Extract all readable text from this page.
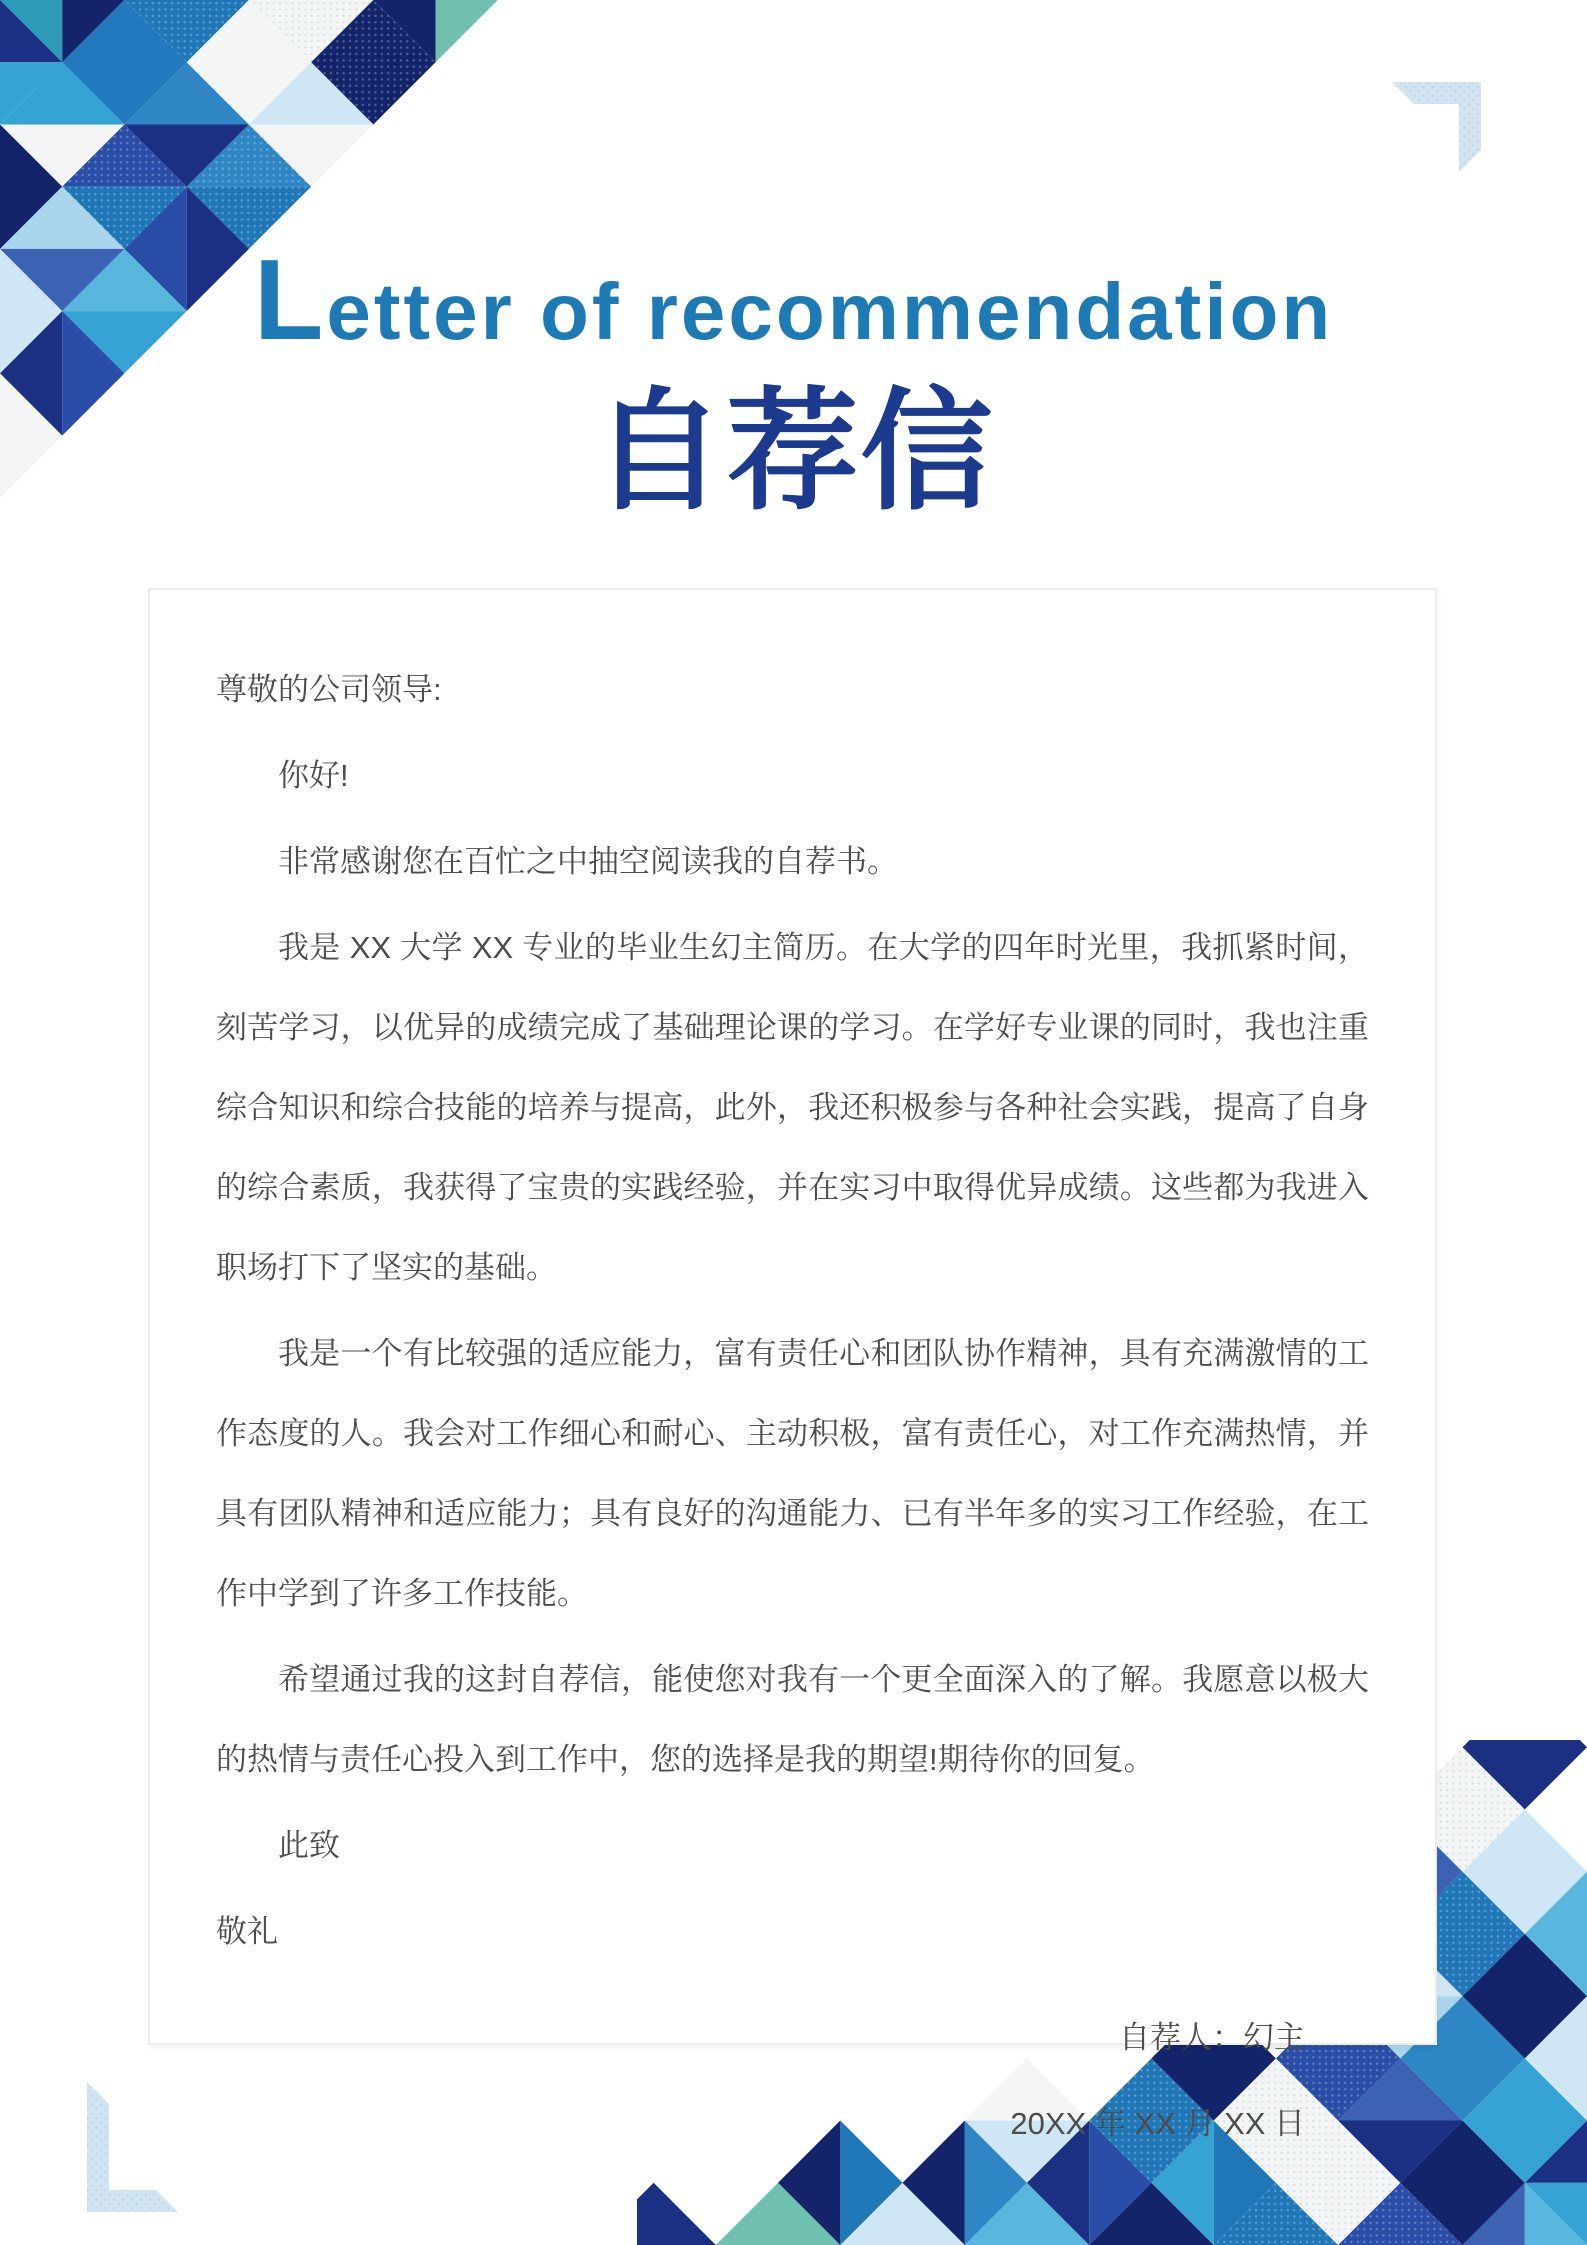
Letter of recommendation
自荐信

尊敬的公司领导:

你好!

非常感谢您在百忙之中抽空阅读我的自荐书。

我是 XX 大学 XX 专业的毕业生幻主简历。在大学的四年时光里，我抓紧时间，刻苦学习，以优异的成绩完成了基础理论课的学习。在学好专业课的同时，我也注重综合知识和综合技能的培养与提高，此外，我还积极参与各种社会实践，提高了自身的综合素质，我获得了宝贵的实践经验，并在实习中取得优异成绩。这些都为我进入职场打下了坚实的基础。

我是一个有比较强的适应能力，富有责任心和团队协作精神，具有充满激情的工作态度的人。我会对工作细心和耐心、主动积极，富有责任心，对工作充满热情，并具有团队精神和适应能力；具有良好的沟通能力、已有半年多的实习工作经验，在工作中学到了许多工作技能。

希望通过我的这封自荐信，能使您对我有一个更全面深入的了解。我愿意以极大的热情与责任心投入到工作中，您的选择是我的期望!期待你的回复。

此致

敬礼

自荐人：幻主

20XX 年 XX 月 XX 日
